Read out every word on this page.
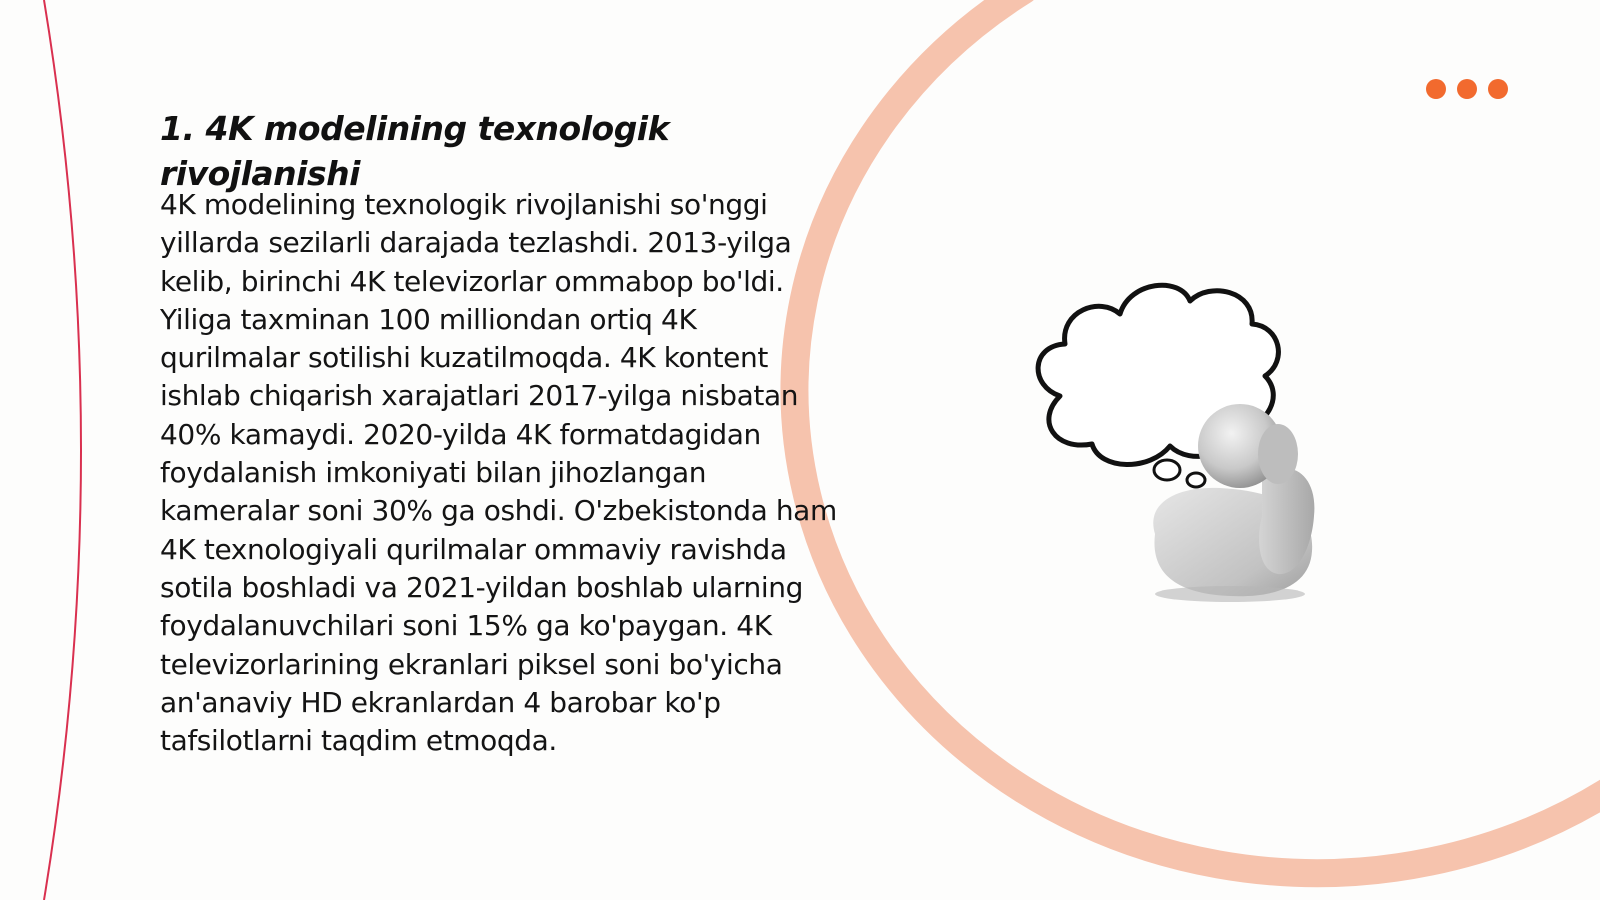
1. 4K modelining texnologik rivojlanishi

4K modelining texnologik rivojlanishi so'nggi yillarda sezilarli darajada tezlashdi. 2013-yilga kelib, birinchi 4K televizorlar ommabop bo'ldi. Yiliga taxminan 100 milliondan ortiq 4K qurilmalar sotilishi kuzatilmoqda. 4K kontent ishlab chiqarish xarajatlari 2017-yilga nisbatan 40% kamaydi. 2020-yilda 4K formatdagidan foydalanish imkoniyati bilan jihozlangan kameralar soni 30% ga oshdi. O'zbekistonda ham 4K texnologiyali qurilmalar ommaviy ravishda sotila boshladi va 2021-yildan boshlab ularning foydalanuvchilari soni 15% ga ko'paygan. 4K televizorlarining ekranlari piksel soni bo'yicha an'anaviy HD ekranlardan 4 barobar ko'p tafsilotlarni taqdim etmoqda.
